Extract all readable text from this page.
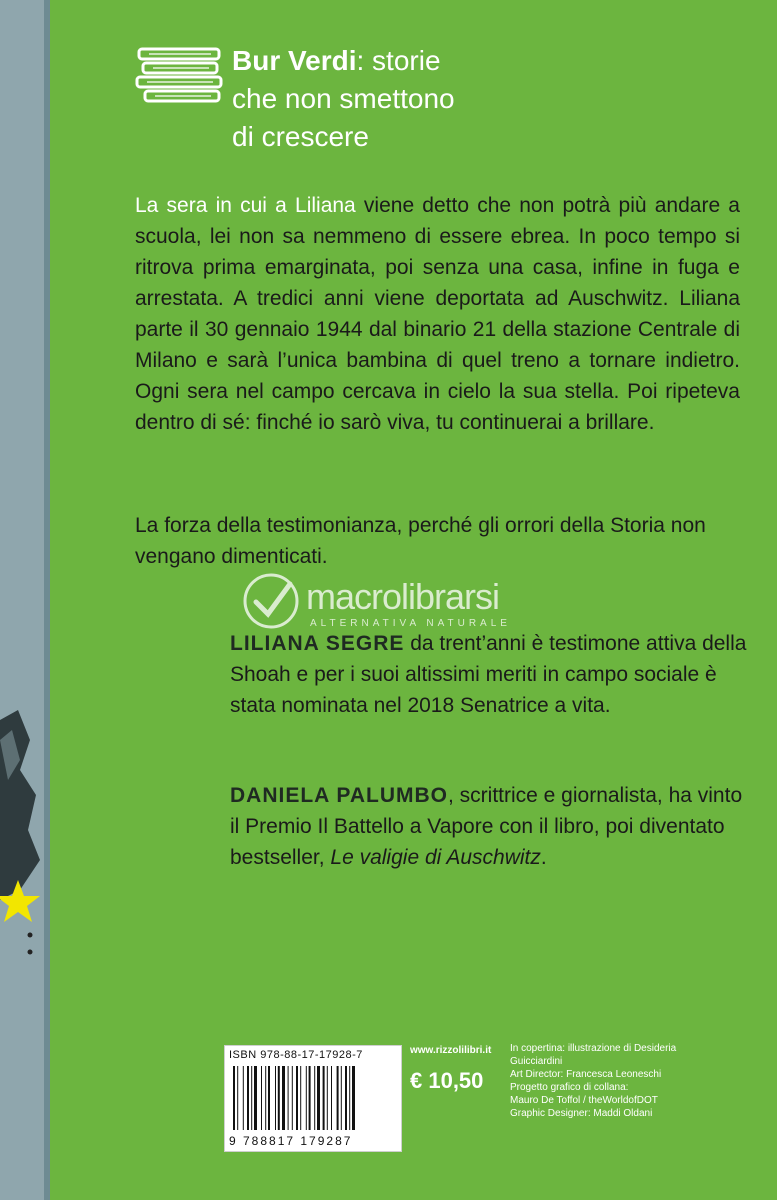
Bur Verdi: storie
che non smettono
di crescere
La sera in cui a Liliana viene detto che non potrà più andare a scuola, lei non sa nemmeno di essere ebrea. In poco tempo si ritrova prima emarginata, poi senza una casa, infine in fuga e arrestata. A tredici anni viene deportata ad Auschwitz. Liliana parte il 30 gennaio 1944 dal binario 21 della stazione Centrale di Milano e sarà l’unica bambina di quel treno a tornare indietro. Ogni sera nel campo cercava in cielo la sua stella. Poi ripeteva dentro di sé: finché io sarò viva, tu continuerai a brillare.
La forza della testimonianza, perché gli orrori della Storia non vengano dimenticati.
macrolibrarsi
ALTERNATIVA NATURALE
LILIANA SEGRE da trent’anni è testimone attiva della Shoah e per i suoi altissimi meriti in campo sociale è stata nominata nel 2018 Senatrice a vita.
DANIELA PALUMBO, scrittrice e giornalista, ha vinto il Premio Il Battello a Vapore con il libro, poi diventato bestseller, Le valigie di Auschwitz.
ISBN 978-88-17-17928-7
9 788817 179287
www.rizzolilibri.it
€ 10,50
In copertina: illustrazione di Desideria
Guicciardini
Art Director: Francesca Leoneschi
Progetto grafico di collana:
Mauro De Toffol / theWorldofDOT
Graphic Designer: Maddi Oldani
